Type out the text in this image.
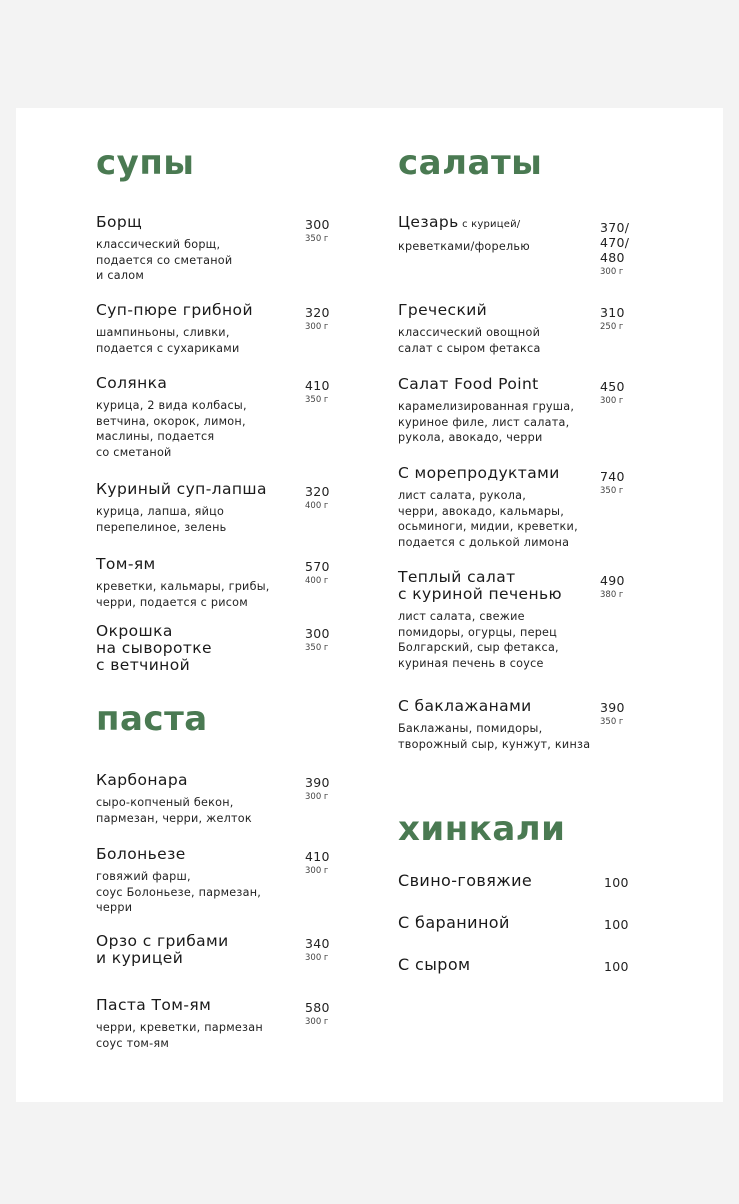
супы
Борщ
классический борщ,
подается со сметаной
и салом
300
350 г
Суп-пюре грибной
шампиньоны, сливки,
подается с сухариками
320
300 г
Солянка
курица, 2 вида колбасы,
ветчина, окорок, лимон,
маслины, подается
со сметаной
410
350 г
Куриный суп-лапша
курица, лапша, яйцо
перепелиное, зелень
320
400 г
Том-ям
креветки, кальмары, грибы,
черри, подается с рисом
570
400 г
Окрошка
на сыворотке
с ветчиной
300
350 г
паста
Карбонара
сыро-копченый бекон,
пармезан, черри, желток
390
300 г
Болоньезе
говяжий фарш,
соус Болоньезе, пармезан,
черри
410
300 г
Орзо с грибами
и курицей
340
300 г
Паста Том-ям
черри, креветки, пармезан
соус том-ям
580
300 г
салаты
Цезарь с курицей/
креветками/форелью
370/
470/
480
300 г
Греческий
классический овощной
салат с сыром фетакса
310
250 г
Салат Food Point
карамелизированная груша,
куриное филе, лист салата,
рукола, авокадо, черри
450
300 г
С морепродуктами
лист салата, рукола,
черри, авокадо, кальмары,
осьминоги, мидии, креветки,
подается с долькой лимона
740
350 г
Теплый салат
с куриной печенью
лист салата, свежие
помидоры, огурцы, перец
Болгарский, сыр фетакса,
куриная печень в соусе
490
380 г
С баклажанами
Баклажаны, помидоры,
творожный сыр, кунжут, кинза
390
350 г
хинкали
Свино-говяжие	100
С бараниной	100
С сыром	100
